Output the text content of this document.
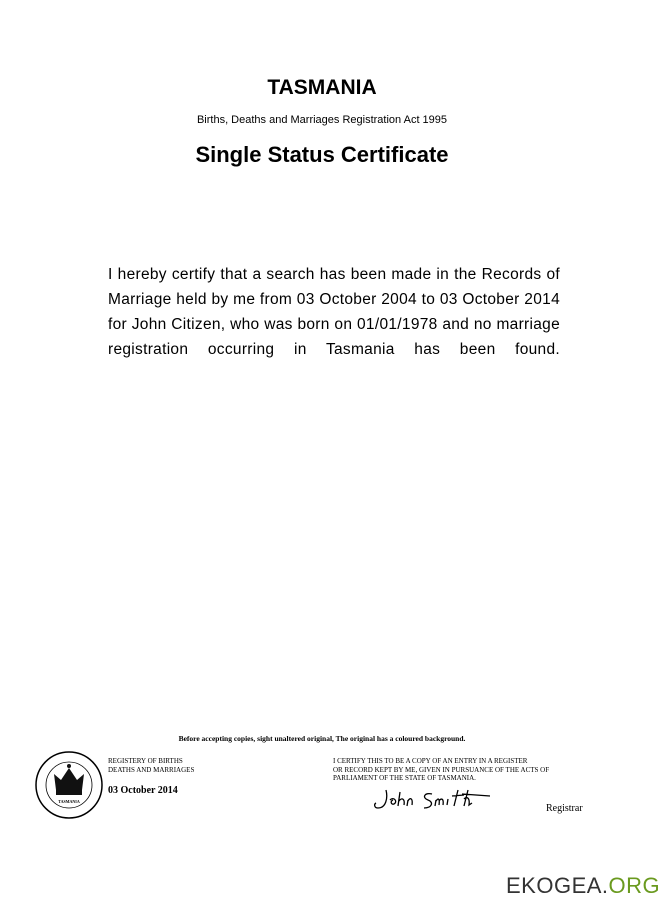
TASMANIA
Births, Deaths and Marriages Registration Act 1995
Single Status Certificate
I hereby certify that a search has been made in the Records of Marriage held by me from 03 October 2004 to 03 October 2014 for John Citizen, who was born on 01/01/1978 and no marriage registration occurring in Tasmania has been found.
Before accepting copies, sight unaltered original, The original has a coloured background.
TASMANIA
REGISTERY OF BIRTHS
DEATHS AND MARRIAGES
03 October 2014
I CERTIFY THIS TO BE A COPY OF AN ENTRY IN A REGISTER
OR RECORD KEPT BY ME, GIVEN IN PURSUANCE OF THE ACTS OF
PARLIAMENT OF THE STATE OF TASMANIA.
Registrar
EKOGEA.ORG
